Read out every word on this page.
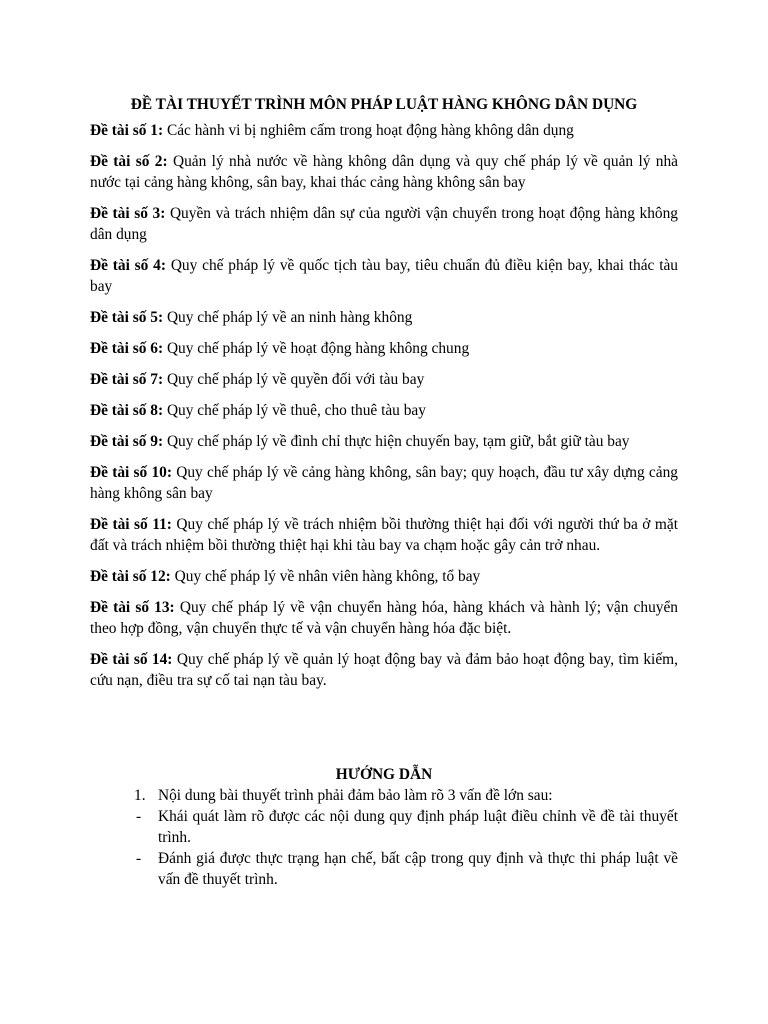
ĐỀ TÀI THUYẾT TRÌNH MÔN PHÁP LUẬT HÀNG KHÔNG DÂN DỤNG

Đề tài số 1: Các hành vi bị nghiêm cấm trong hoạt động hàng không dân dụng

Đề tài số 2: Quản lý nhà nước về hàng không dân dụng và quy chế pháp lý về quản lý nhà nước tại cảng hàng không, sân bay, khai thác cảng hàng không sân bay

Đề tài số 3: Quyền và trách nhiệm dân sự của người vận chuyển trong hoạt động hàng không dân dụng

Đề tài số 4: Quy chế pháp lý về quốc tịch tàu bay, tiêu chuẩn đủ điều kiện bay, khai thác tàu bay

Đề tài số 5: Quy chế pháp lý về an ninh hàng không

Đề tài số 6: Quy chế pháp lý về hoạt động hàng không chung

Đề tài số 7: Quy chế pháp lý về quyền đối với tàu bay

Đề tài số 8: Quy chế pháp lý về thuê, cho thuê tàu bay

Đề tài số 9: Quy chế pháp lý về đình chỉ thực hiện chuyến bay, tạm giữ, bắt giữ tàu bay

Đề tài số 10: Quy chế pháp lý về cảng hàng không, sân bay; quy hoạch, đầu tư xây dựng cảng hàng không sân bay

Đề tài số 11: Quy chế pháp lý về trách nhiệm bồi thường thiệt hại đối với người thứ ba ở mặt đất và trách nhiệm bồi thường thiệt hại khi tàu bay va chạm hoặc gây cản trở nhau.

Đề tài số 12: Quy chế pháp lý về nhân viên hàng không, tổ bay

Đề tài số 13: Quy chế pháp lý về vận chuyển hàng hóa, hàng khách và hành lý; vận chuyển theo hợp đồng, vận chuyển thực tế và vận chuyển hàng hóa đặc biệt.

Đề tài số 14: Quy chế pháp lý về quản lý hoạt động bay và đảm bảo hoạt động bay, tìm kiếm, cứu nạn, điều tra sự cố tai nạn tàu bay.

HƯỚNG DẪN

1. Nội dung bài thuyết trình phải đảm bảo làm rõ 3 vấn đề lớn sau:
-	Khái quát làm rõ được các nội dung quy định pháp luật điều chỉnh về đề tài thuyết trình.
-	Đánh giá được thực trạng hạn chế, bất cập trong quy định và thực thi pháp luật về vấn đề thuyết trình.
